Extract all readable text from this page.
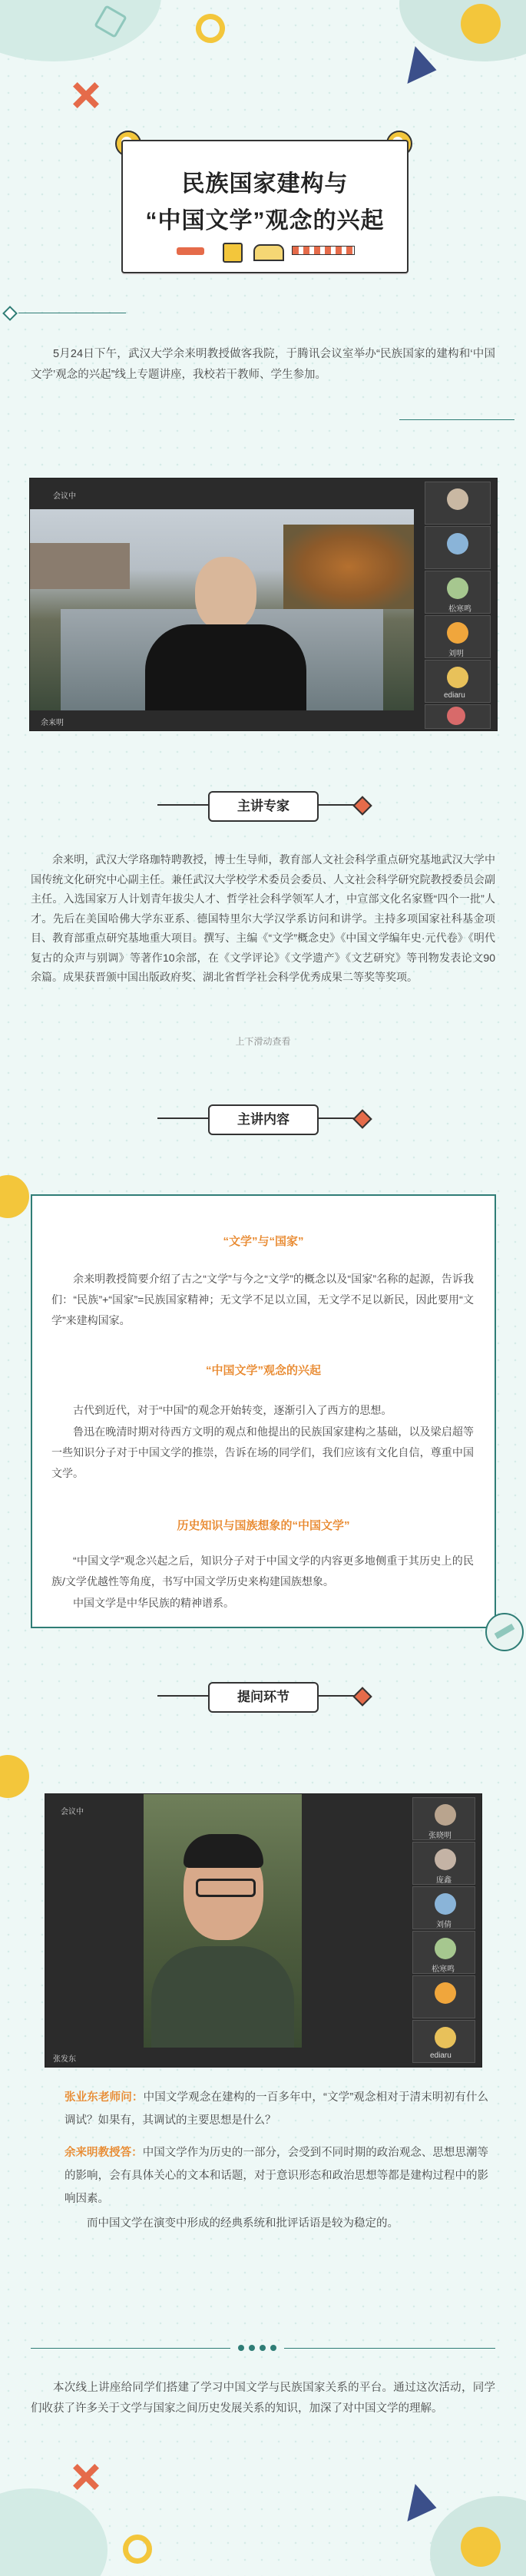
民族国家建构与
“中国文学”观念的兴起
5月24日下午，武汉大学余来明教授做客我院，于腾讯会议室举办“民族国家的建构和‘中国文学’观念的兴起”线上专题讲座，我校若干教师、学生参加。
会议中
余来明
松寒鸣
刘明
ediaru
主讲专家
余来明，武汉大学珞珈特聘教授，博士生导师，教育部人文社会科学重点研究基地武汉大学中国传统文化研究中心副主任。兼任武汉大学校学术委员会委员、人文社会科学研究院教授委员会副主任。入选国家万人计划青年拔尖人才、哲学社会科学领军人才，中宣部文化名家暨“四个一批”人才。先后在美国哈佛大学东亚系、德国特里尔大学汉学系访问和讲学。主持多项国家社科基金项目、教育部重点研究基地重大项目。撰写、主编《“文学”概念史》《中国文学编年史·元代卷》《明代复古的众声与别调》等著作10余部，在《文学评论》《文学遗产》《文艺研究》等刊物发表论文90余篇。成果获晋颁中国出版政府奖、湖北省哲学社会科学优秀成果二等奖等奖项。
上下滑动查看
主讲内容
“文学”与“国家”
余来明教授简要介绍了古之“文学”与今之“文学”的概念以及“国家”名称的起源，告诉我们：“民族”+“国家”=民族国家精神；无文学不足以立国，无文学不足以新民，因此要用“文学”来建构国家。
“中国文学”观念的兴起
古代到近代，对于“中国”的观念开始转变，逐渐引入了西方的思想。
鲁迅在晚清时期对待西方文明的观点和他提出的民族国家建构之基础，以及梁启超等一些知识分子对于中国文学的推崇，告诉在场的同学们，我们应该有文化自信，尊重中国文学。
历史知识与国族想象的“中国文学”
“中国文学”观念兴起之后，知识分子对于中国文学的内容更多地侧重于其历史上的民族/文学优越性等角度，书写中国文学历史来构建国族想象。
中国文学是中华民族的精神谱系。
提问环节
会议中
张发东
张晓明
庞鑫
刘倩
松寒鸣
ediaru
张业东老师问：中国文学观念在建构的一百多年中，“文学”观念相对于清末明初有什么调试？如果有，其调试的主要思想是什么？
余来明教授答：中国文学作为历史的一部分，会受到不同时期的政治观念、思想思潮等的影响，会有具体关心的文本和话题，对于意识形态和政治思想等都是建构过程中的影响因素。
而中国文学在演变中形成的经典系统和批评话语是较为稳定的。
本次线上讲座给同学们搭建了学习中国文学与民族国家关系的平台。通过这次活动，同学们收获了许多关于文学与国家之间历史发展关系的知识，加深了对中国文学的理解。
